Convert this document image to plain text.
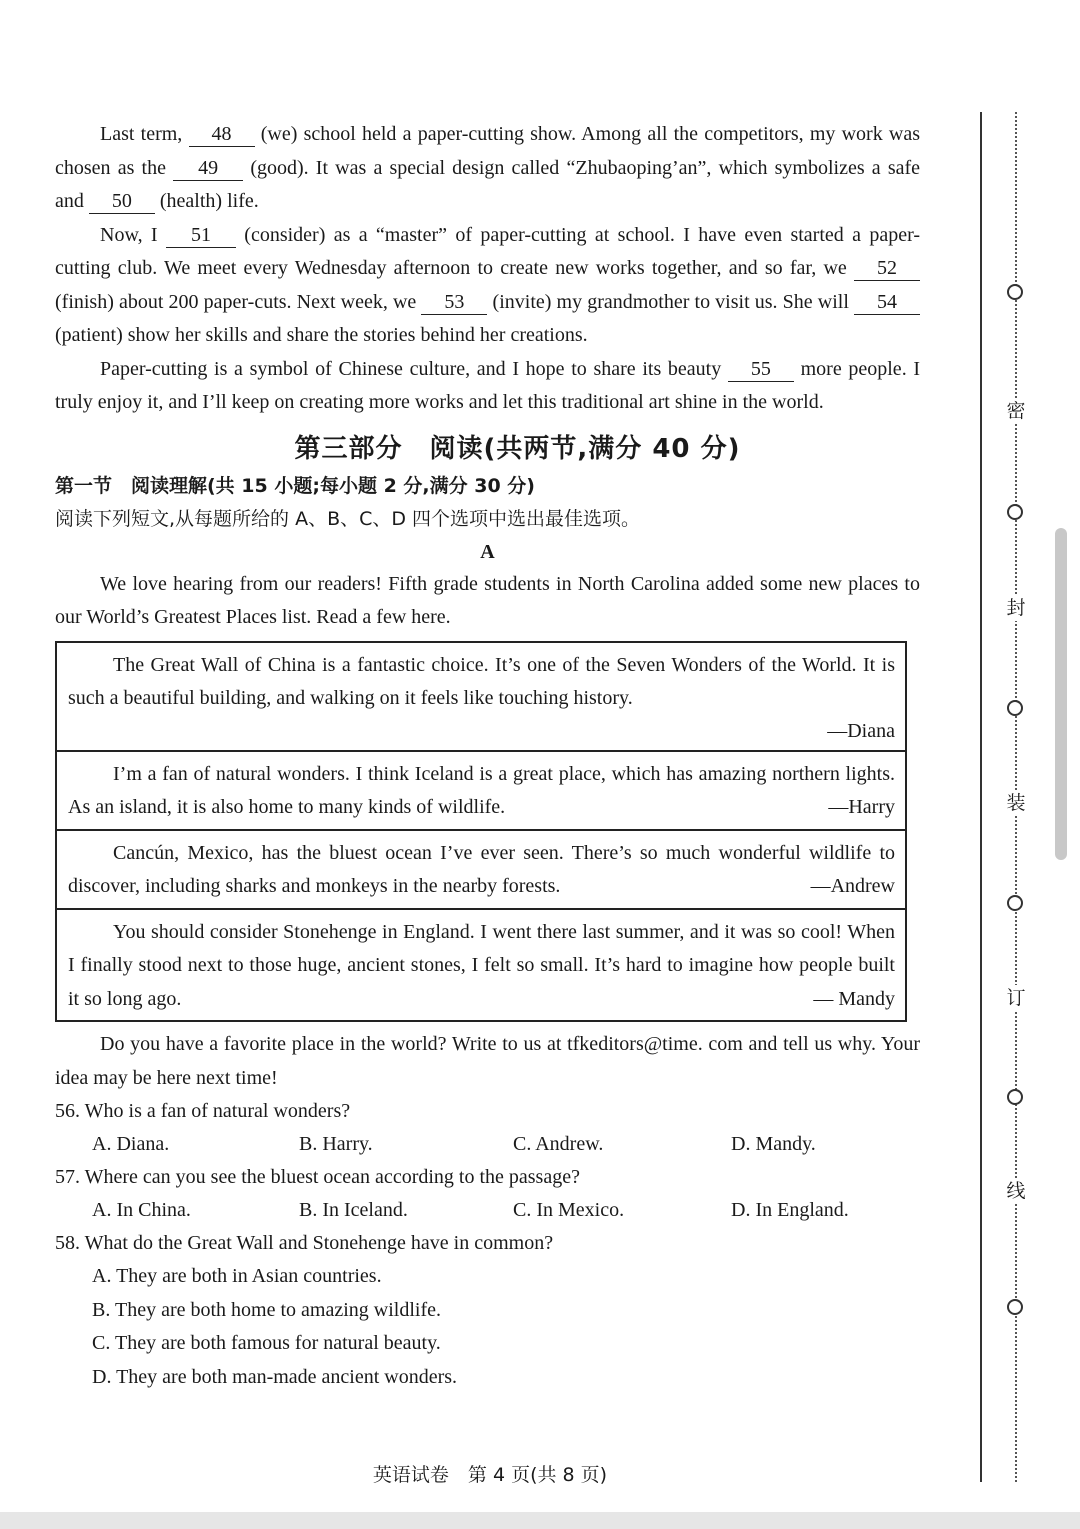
Last term, 48 (we) school held a paper-cutting show. Among all the competitors, my work was chosen as the 49 (good). It was a special design called “Zhubaoping’an”, which symbolizes a safe and 50 (health) life.

Now, I 51 (consider) as a “master” of paper-cutting at school. I have even started a paper-cutting club. We meet every Wednesday afternoon to create new works together, and so far, we 52 (finish) about 200 paper-cuts. Next week, we 53 (invite) my grandmother to visit us. She will 54 (patient) show her skills and share the stories behind her creations.

Paper-cutting is a symbol of Chinese culture, and I hope to share its beauty 55 more people. I truly enjoy it, and I’ll keep on creating more works and let this traditional art shine in the world.

第三部分　阅读(共两节,满分 40 分)
第一节　阅读理解(共 15 小题;每小题 2 分,满分 30 分)
阅读下列短文,从每题所给的 A、B、C、D 四个选项中选出最佳选项。
A

We love hearing from our readers! Fifth grade students in North Carolina added some new places to our World’s Greatest Places list. Read a few here.

The Great Wall of China is a fantastic choice. It’s one of the Seven Wonders of the World. It is such a beautiful building, and walking on it feels like touching history.

—Diana

I’m a fan of natural wonders. I think Iceland is a great place, which has amazing northern lights. As an island, it is also home to many kinds of wildlife.	—Harry

Cancún, Mexico, has the bluest ocean I’ve ever seen. There’s so much wonderful wildlife to discover, including sharks and monkeys in the nearby forests.	—Andrew

You should consider Stonehenge in England. I went there last summer, and it was so cool! When I finally stood next to those huge, ancient stones, I felt so small. It’s hard to imagine how people built it so long ago.	— Mandy

Do you have a favorite place in the world? Write to us at tfkeditors@time. com and tell us why. Your idea may be here next time!

56. Who is a fan of natural wonders?
A. Diana.	B. Harry.	C. Andrew.	D. Mandy.
57. Where can you see the bluest ocean according to the passage?
A. In China.	B. In Iceland.	C. In Mexico.	D. In England.
58. What do the Great Wall and Stonehenge have in common?
A. They are both in Asian countries.
B. They are both home to amazing wildlife.
C. They are both famous for natural beauty.
D. They are both man-made ancient wonders.
英语试卷　第 4 页(共 8 页)
密
封
装
订
线
